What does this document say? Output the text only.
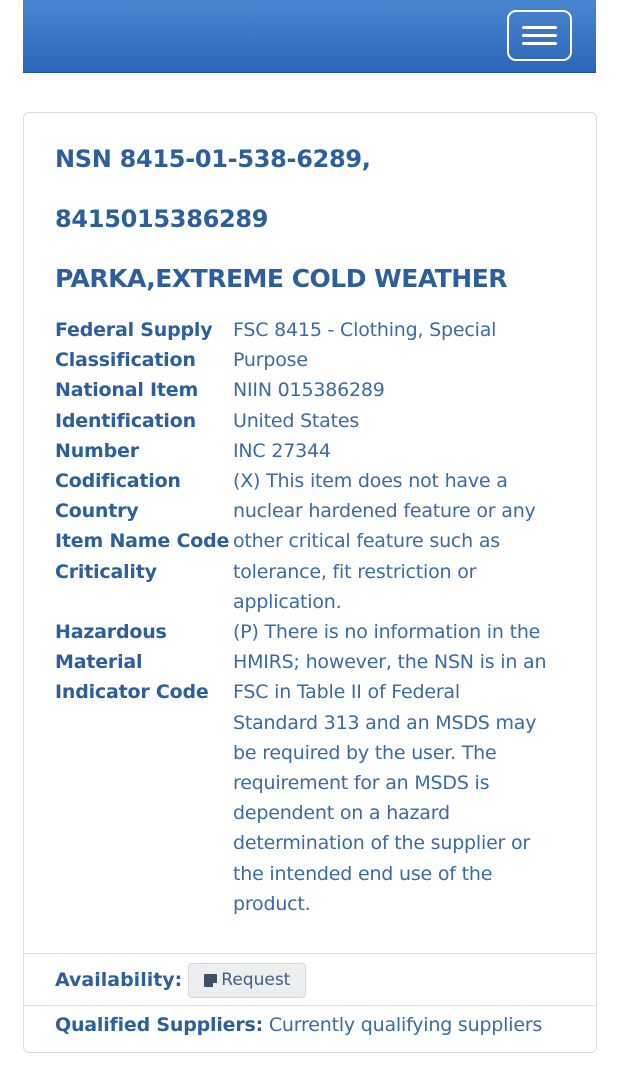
NSN 8415-01-538-6289,
8415015386289
PARKA,EXTREME COLD WEATHER
Federal Supply
Classification
National Item
Identification
Number
Codification
Country
Item Name Code
Criticality

Hazardous
Material
Indicator Code
FSC 8415 - Clothing, Special
Purpose
NIIN 015386289
United States
INC 27344
(X) This item does not have a
nuclear hardened feature or any
other critical feature such as
tolerance, fit restriction or
application.
(P) There is no information in the
HMIRS; however, the NSN is in an
FSC in Table II of Federal
Standard 313 and an MSDS may
be required by the user. The
requirement for an MSDS is
dependent on a hazard
determination of the supplier or
the intended end use of the
product.
Availability: Request
Qualified Suppliers: Currently qualifying suppliers
